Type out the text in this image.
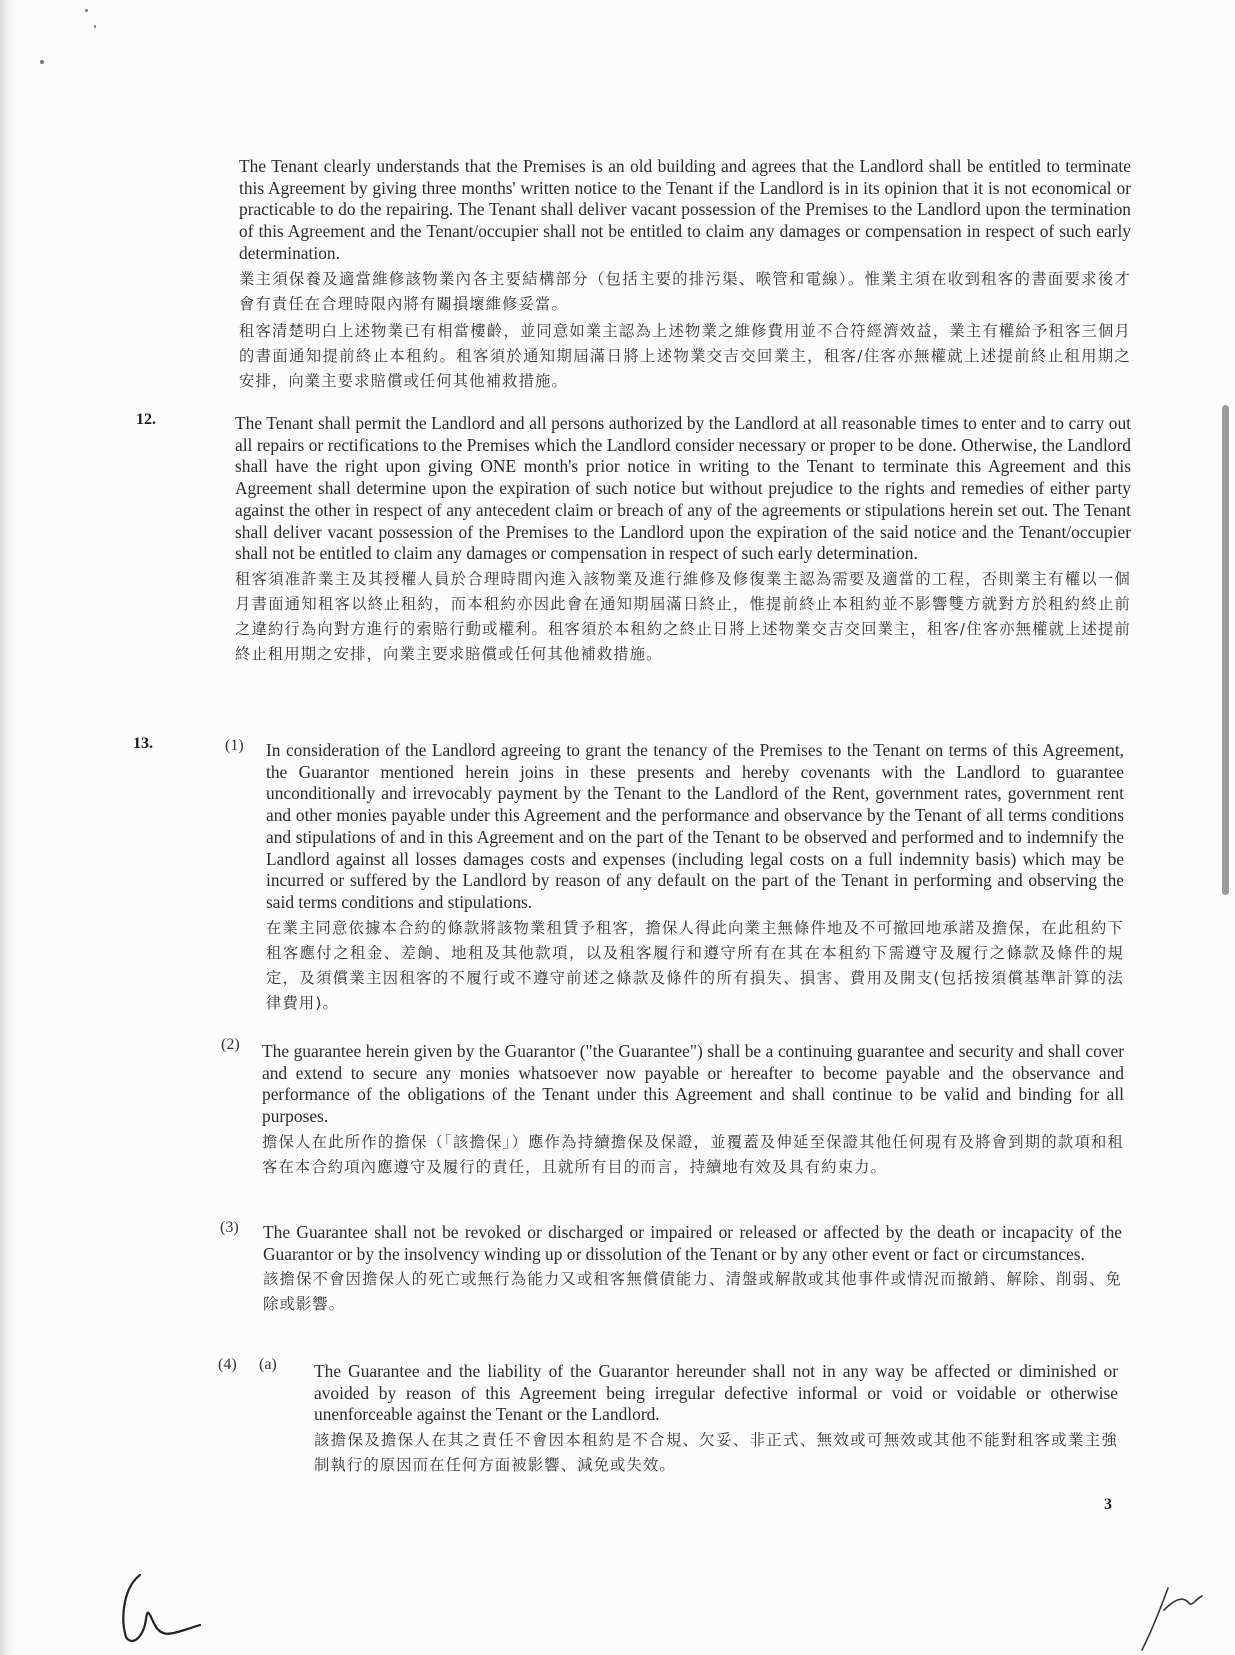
The Tenant clearly understands that the Premises is an old building and agrees that the Landlord shall be entitled to terminate this Agreement by giving three months' written notice to the Tenant if the Landlord is in its opinion that it is not economical or practicable to do the repairing. The Tenant shall deliver vacant possession of the Premises to the Landlord upon the termination of this Agreement and the Tenant/occupier shall not be entitled to claim any damages or compensation in respect of such early determination.

業主須保養及適當維修該物業內各主要結構部分（包括主要的排污渠、喉管和電線）。惟業主須在收到租客的書面要求後才會有責任在合理時限內將有關損壞維修妥當。

租客清楚明白上述物業已有相當樓齡，並同意如業主認為上述物業之維修費用並不合符經濟效益，業主有權給予租客三個月的書面通知提前終止本租約。租客須於通知期屆滿日將上述物業交吉交回業主，租客/住客亦無權就上述提前終止租用期之安排，向業主要求賠償或任何其他補救措施。

12.	The Tenant shall permit the Landlord and all persons authorized by the Landlord at all reasonable times to enter and to carry out all repairs or rectifications to the Premises which the Landlord consider necessary or proper to be done. Otherwise, the Landlord shall have the right upon giving ONE month's prior notice in writing to the Tenant to terminate this Agreement and this Agreement shall determine upon the expiration of such notice but without prejudice to the rights and remedies of either party against the other in respect of any antecedent claim or breach of any of the agreements or stipulations herein set out. The Tenant shall deliver vacant possession of the Premises to the Landlord upon the expiration of the said notice and the Tenant/occupier shall not be entitled to claim any damages or compensation in respect of such early determination.

租客須准許業主及其授權人員於合理時間內進入該物業及進行維修及修復業主認為需要及適當的工程，否則業主有權以一個月書面通知租客以終止租約，而本租約亦因此會在通知期屆滿日終止，惟提前終止本租約並不影響雙方就對方於租約終止前之違約行為向對方進行的索賠行動或權利。租客須於本租約之終止日將上述物業交吉交回業主，租客/住客亦無權就上述提前終止租用期之安排，向業主要求賠償或任何其他補救措施。

13.	(1) In consideration of the Landlord agreeing to grant the tenancy of the Premises to the Tenant on terms of this Agreement, the Guarantor mentioned herein joins in these presents and hereby covenants with the Landlord to guarantee unconditionally and irrevocably payment by the Tenant to the Landlord of the Rent, government rates, government rent and other monies payable under this Agreement and the performance and observance by the Tenant of all terms conditions and stipulations of and in this Agreement and on the part of the Tenant to be observed and performed and to indemnify the Landlord against all losses damages costs and expenses (including legal costs on a full indemnity basis) which may be incurred or suffered by the Landlord by reason of any default on the part of the Tenant in performing and observing the said terms conditions and stipulations.

在業主同意依據本合約的條款將該物業租賃予租客，擔保人得此向業主無條件地及不可撤回地承諾及擔保，在此租約下租客應付之租金、差餉、地租及其他款項，以及租客履行和遵守所有在其在本租約下需遵守及履行之條款及條件的規定，及須償業主因租客的不履行或不遵守前述之條款及條件的所有損失、損害、費用及開支(包括按須償基準計算的法律費用)。

(2) The guarantee herein given by the Guarantor ("the Guarantee") shall be a continuing guarantee and security and shall cover and extend to secure any monies whatsoever now payable or hereafter to become payable and the observance and performance of the obligations of the Tenant under this Agreement and shall continue to be valid and binding for all purposes.

擔保人在此所作的擔保（「該擔保」）應作為持續擔保及保證，並覆蓋及伸延至保證其他任何現有及將會到期的款項和租客在本合約項內應遵守及履行的責任，且就所有目的而言，持續地有效及具有約束力。

(3) The Guarantee shall not be revoked or discharged or impaired or released or affected by the death or incapacity of the Guarantor or by the insolvency winding up or dissolution of the Tenant or by any other event or fact or circumstances.

該擔保不會因擔保人的死亡或無行為能力又或租客無償債能力、清盤或解散或其他事件或情況而撤銷、解除、削弱、免除或影響。

(4) (a) The Guarantee and the liability of the Guarantor hereunder shall not in any way be affected or diminished or avoided by reason of this Agreement being irregular defective informal or void or voidable or otherwise unenforceable against the Tenant or the Landlord.

該擔保及擔保人在其之責任不會因本租約是不合規、欠妥、非正式、無效或可無效或其他不能對租客或業主強制執行的原因而在任何方面被影響、減免或失效。

3
